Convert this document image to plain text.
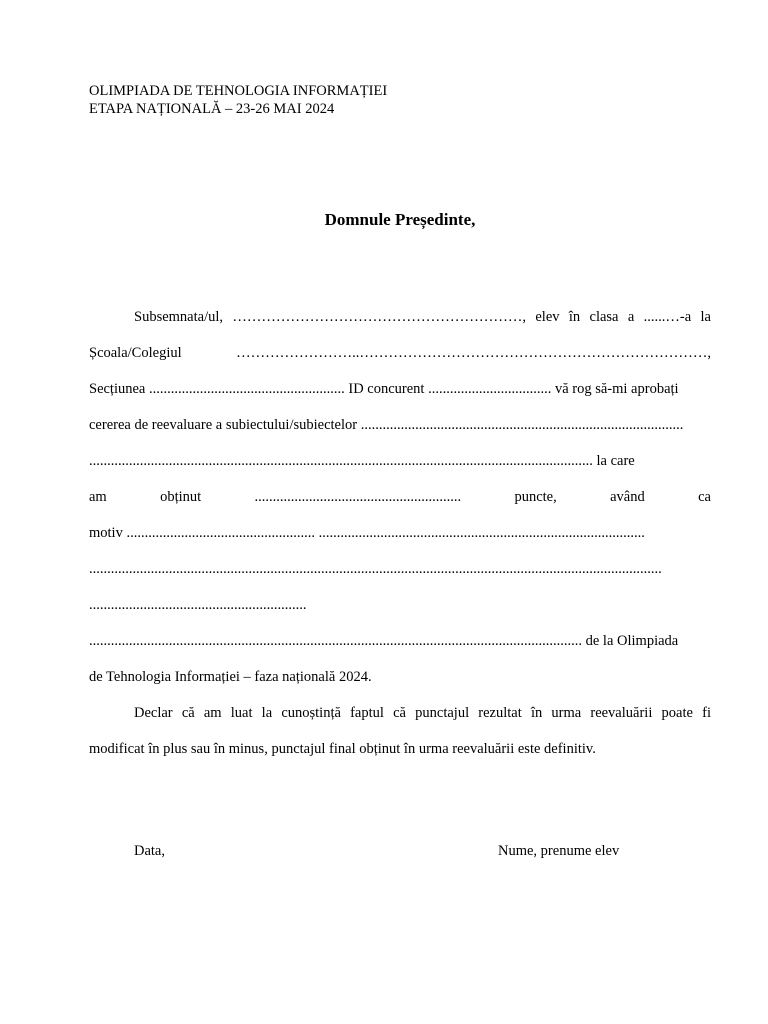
OLIMPIADA DE TEHNOLOGIA INFORMAȚIEI
ETAPA NAȚIONALĂ – 23-26 MAI 2024
Domnule Președinte,
Subsemnata/ul, ……………………………………………………, elev în clasa a ......…-a la
Școala/Colegiul	……………………..………………………………………………………………,
Secțiunea ...................................................... ID concurent .................................. vă rog să-mi aprobați
cererea de reevaluare a subiectului/subiectelor .........................................................................................
........................................................................................................................................... la care
am	obținut	.........................................................	puncte,	având	ca
motiv .................................................... ..........................................................................................
..............................................................................................................................................................
............................................................
........................................................................................................................................ de la Olimpiada
de Tehnologia Informației – faza națională 2024.
Declar că am luat la cunoștință faptul că punctajul rezultat în urma reevaluării poate fi
modificat în plus sau în minus, punctajul final obținut în urma reevaluării este definitiv.
Data,	Nume, prenume elev
